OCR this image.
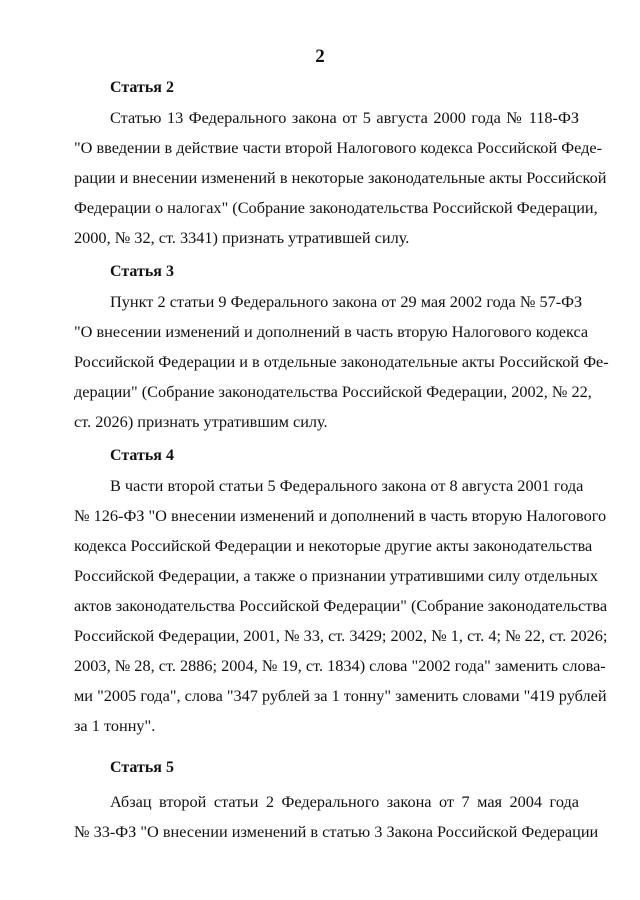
2
Статья 2
Статью 13 Федерального закона от 5 августа 2000 года № 118-ФЗ
"О введении в действие части второй Налогового кодекса Российской Феде-
рации и внесении изменений в некоторые законодательные акты Российской
Федерации о налогах" (Собрание законодательства Российской Федерации,
2000, № 32, ст. 3341) признать утратившей силу.
Статья 3
Пункт 2 статьи 9 Федерального закона от 29 мая 2002 года № 57-ФЗ
"О внесении изменений и дополнений в часть вторую Налогового кодекса
Российской Федерации и в отдельные законодательные акты Российской Фе-
дерации" (Собрание законодательства Российской Федерации, 2002, № 22,
ст. 2026) признать утратившим силу.
Статья 4
В части второй статьи 5 Федерального закона от 8 августа 2001 года
№ 126-ФЗ "О внесении изменений и дополнений в часть вторую Налогового
кодекса Российской Федерации и некоторые другие акты законодательства
Российской Федерации, а также о признании утратившими силу отдельных
актов законодательства Российской Федерации" (Собрание законодательства
Российской Федерации, 2001, № 33, ст. 3429; 2002, № 1, ст. 4; № 22, ст. 2026;
2003, № 28, ст. 2886; 2004, № 19, ст. 1834) слова "2002 года" заменить слова-
ми "2005 года", слова "347 рублей за 1 тонну" заменить словами "419 рублей
за 1 тонну".
Статья 5
Абзац второй статьи 2 Федерального закона от 7 мая 2004 года
№ 33-ФЗ "О внесении изменений в статью 3 Закона Российской Федерации
